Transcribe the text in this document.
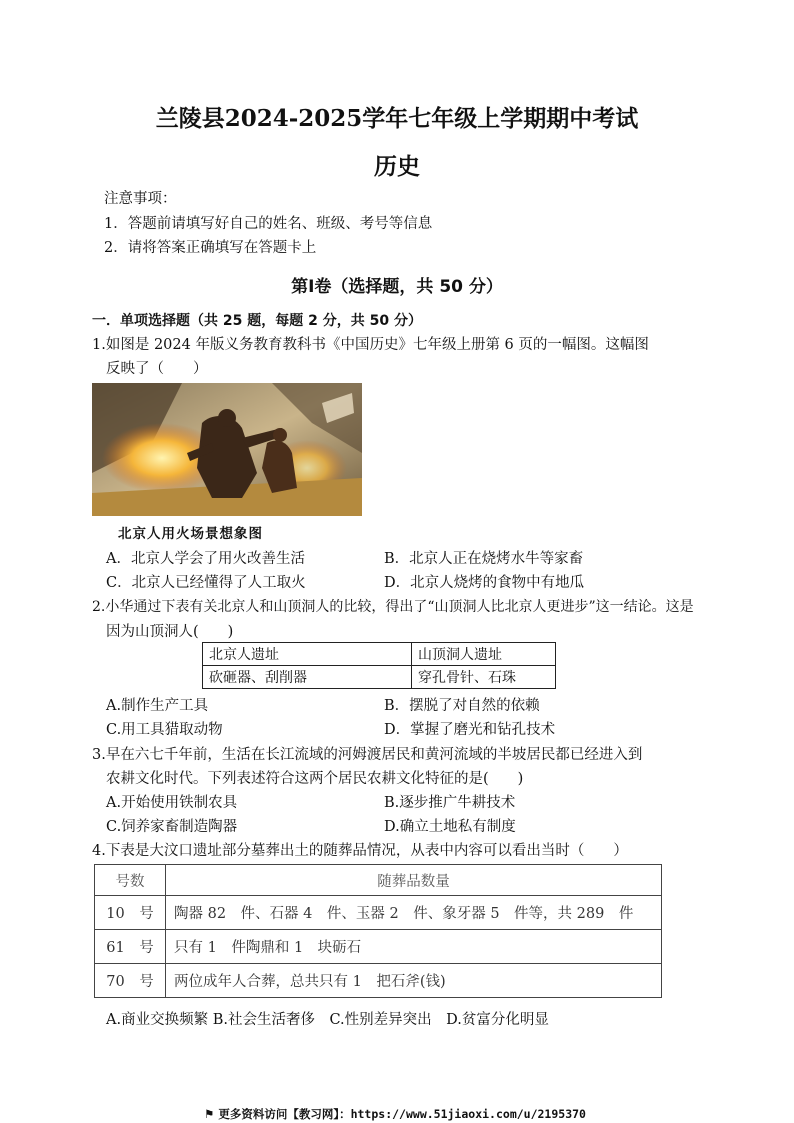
兰陵县2024-2025学年七年级上学期期中考试
历史
注意事项：
1．答题前请填写好自己的姓名、班级、考号等信息
2．请将答案正确填写在答题卡上
第Ⅰ卷（选择题，共 50 分）
一．单项选择题（共 25 题，每题 2 分，共 50 分）
1.如图是 2024 年版义务教育教科书《中国历史》七年级上册第 6 页的一幅图。这幅图
反映了（　　）
北京人用火场景想象图
A．北京人学会了用火改善生活	B．北京人正在烧烤水牛等家畜
C．北京人已经懂得了人工取火	D．北京人烧烤的食物中有地瓜
2.小华通过下表有关北京人和山顶洞人的比较，得出了“山顶洞人比北京人更进步”这一结论。这是
因为山顶洞人(　　)
北京人遗址	山顶洞人遗址
砍砸器、刮削器	穿孔骨针、石珠
A.制作生产工具	B．摆脱了对自然的依赖
C.用工具猎取动物	D．掌握了磨光和钻孔技术
3.早在六七千年前，生活在长江流域的河姆渡居民和黄河流域的半坡居民都已经进入到
农耕文化时代。下列表述符合这两个居民农耕文化特征的是(　　)
A.开始使用铁制农具	B.逐步推广牛耕技术
C.饲养家畜制造陶器	D.确立土地私有制度
4.下表是大汶口遗址部分墓葬出土的随葬品情况，从表中内容可以看出当时（　　）
号数	随葬品数量
10　号	陶器 82　件、石器 4　件、玉器 2　件、象牙器 5　件等，共 289　件
61　号	只有 1　件陶鼎和 1　块砺石
70　号	两位成年人合葬，总共只有 1　把石斧(钱)
A.商业交换频繁 B.社会生活奢侈　C.性别差异突出　D.贫富分化明显
⚑ 更多资料访问【教习网】：https://www.51jiaoxi.com/u/2195370
